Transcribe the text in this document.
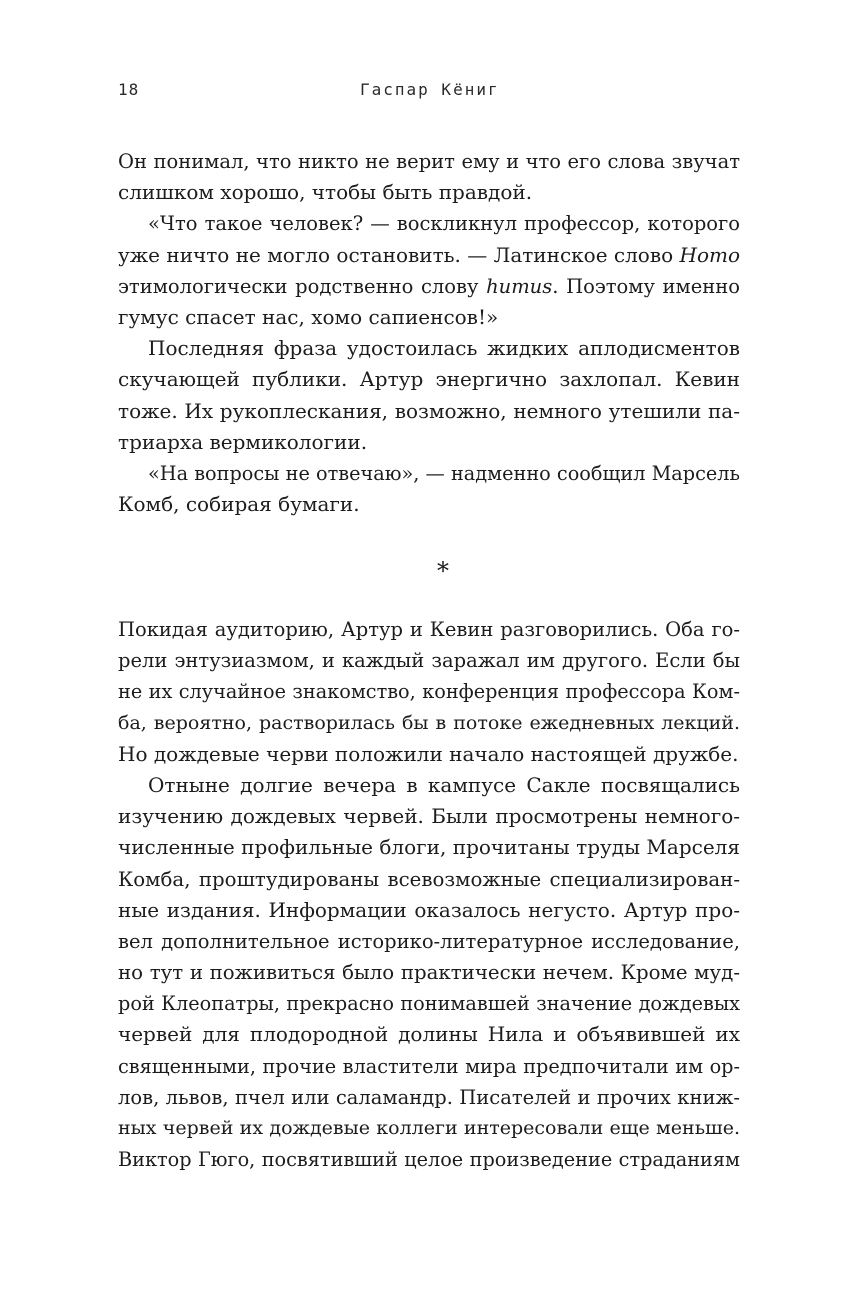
18	Гаспар Кёниг
Он понимал, что никто не верит ему и что его слова звучат
слишком хорошо, чтобы быть правдой.
«Что такое человек? — воскликнул профессор, которого
уже ничто не могло остановить. — Латинское слово Homo
этимологически родственно слову humus. Поэтому именно
гумус спасет нас, хомо сапиенсов!»
Последняя фраза удостоилась жидких аплодисментов
скучающей публики. Артур энергично захлопал. Кевин
тоже. Их рукоплескания, возможно, немного утешили па-
триарха вермикологии.
«На вопросы не отвечаю», — надменно сообщил Марсель
Комб, собирая бумаги.
*
Покидая аудиторию, Артур и Кевин разговорились. Оба го-
рели энтузиазмом, и каждый заражал им другого. Если бы
не их случайное знакомство, конференция профессора Ком-
ба, вероятно, растворилась бы в потоке ежедневных лекций.
Но дождевые черви положили начало настоящей дружбе.
Отныне долгие вечера в кампусе Сакле посвящались
изучению дождевых червей. Были просмотрены немного-
численные профильные блоги, прочитаны труды Марселя
Комба, проштудированы всевозможные специализирован-
ные издания. Информации оказалось негусто. Артур про-
вел дополнительное историко-литературное исследование,
но тут и поживиться было практически нечем. Кроме муд-
рой Клеопатры, прекрасно понимавшей значение дождевых
червей для плодородной долины Нила и объявившей их
священными, прочие властители мира предпочитали им ор-
лов, львов, пчел или саламандр. Писателей и прочих книж-
ных червей их дождевые коллеги интересовали еще меньше.
Виктор Гюго, посвятивший целое произведение страданиям
